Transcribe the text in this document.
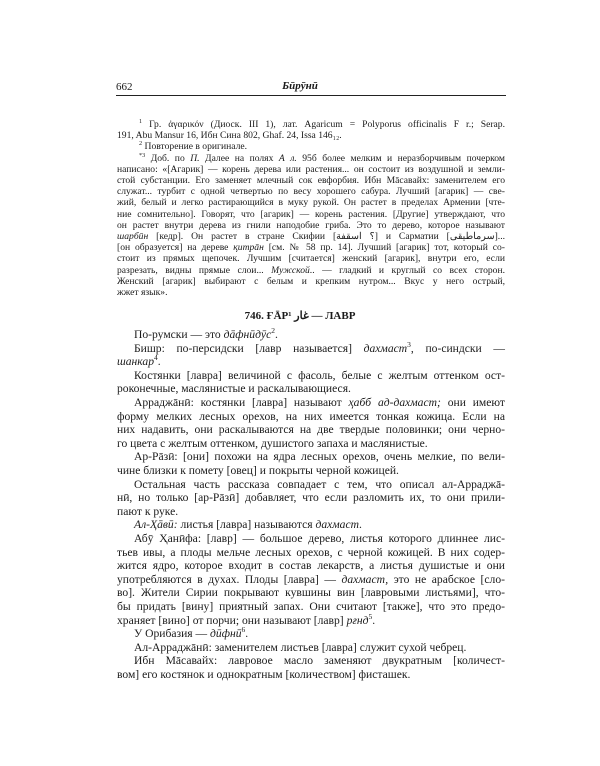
662	Бӣрӯнӣ
$^1$ Гр. ἀγαρικόν (Диоск. III 1), лат. Agaricum = Polyporus officinalis F r.; Serap.
191, Abu Mansur 16, Ибн Сина 802, Ghaf. 24, Issa 146₁₂.
$^2$ Повторение в оригинале.
$^{*3}$ Доб. по П. Далее на полях А л. 95б более мелким и неразборчивым почерком
написано: «[Агарик] — корень дерева или растения... он состоит из воздушной и земли-
стой субстанции. Его заменяет млечный сок евфорбия. Ибн Мāсавайх: заменителем его
служат... турбит с одной четвертью по весу хорошего сабура. Лучший [агарик] — све-
жий, белый и легко растирающийся в муку рукой. Он растет в пределах Армении [чте-
ние сомнительно]. Говорят, что [агарик] — корень растения. [Другие] утверждают, что
он растет внутри дерева из гнили наподобие гриба. Это то дерево, которое называют
шарбӣн [кедр]. Он растет в стране Скифии [؟ اسقفة] и Сарматии [سرماطيقى]...
[он образуется] на дереве қитрāн [см. № 58 пр. 14]. Лучший [агарик] тот, который со-
стоит из прямых щепочек. Лучшим [считается] женский [агарик], внутри его, если
разрезать, видны прямые слои... Мужской.. — гладкий и круглый со всех сторон.
Женский [агарик] выбирают с белым и крепким нутром... Вкус у него острый,
жжет язык».
746. ҒĀР¹ غار — ЛАВР
По-румски — это дāфнӣдӯс$^2$.
Бишр: по-персидски [лавр называется] дахмаст$^3$, по-синдски —
шанкар$^4$.
Костянки [лавра] величиной с фасоль, белые с желтым оттенком ост-
роконечные, маслянистые и раскалывающиеся.
Арраджāнӣ: костянки [лавра] называют ҳабб ад-дахмаст; они имеют
форму мелких лесных орехов, на них имеется тонкая кожица. Если на
них надавить, они раскалываются на две твердые половинки; они черно-
го цвета с желтым оттенком, душистого запаха и маслянистые.
Ар-Рāзӣ: [они] похожи на ядра лесных орехов, очень мелкие, по вели-
чине близки к помету [овец] и покрыты черной кожицей.
Остальная часть рассказа совпадает с тем, что описал ал-Арраджā-
нӣ, но только [ар-Рāзӣ] добавляет, что если разломить их, то они прили-
пают к руке.
Ал-Ҳāвӣ: листья [лавра] называются дахмаст.
Абӯ Ҳанӣфа: [лавр] — большое дерево, листья которого длиннее лис-
тьев ивы, а плоды мельче лесных орехов, с черной кожицей. В них содер-
жится ядро, которое входит в состав лекарств, а листья душистые и они
употребляются в духах. Плоды [лавра] — дахмаст, это не арабское [сло-
во]. Жители Сирии покрывают кувшины вин [лавровыми листьями], что-
бы придать [вину] приятный запах. Они считают [также], что это предо-
храняет [вино] от порчи; они называют [лавр] рғнд$^5$.
У Орибазия — дӣфнӣ$^6$.
Ал-Арраджāнӣ: заменителем листьев [лавра] служит сухой чебрец.
Ибн Мāсавайх: лавровое масло заменяют двукратным [количест-
вом] его костянок и однократным [количеством] фисташек.
